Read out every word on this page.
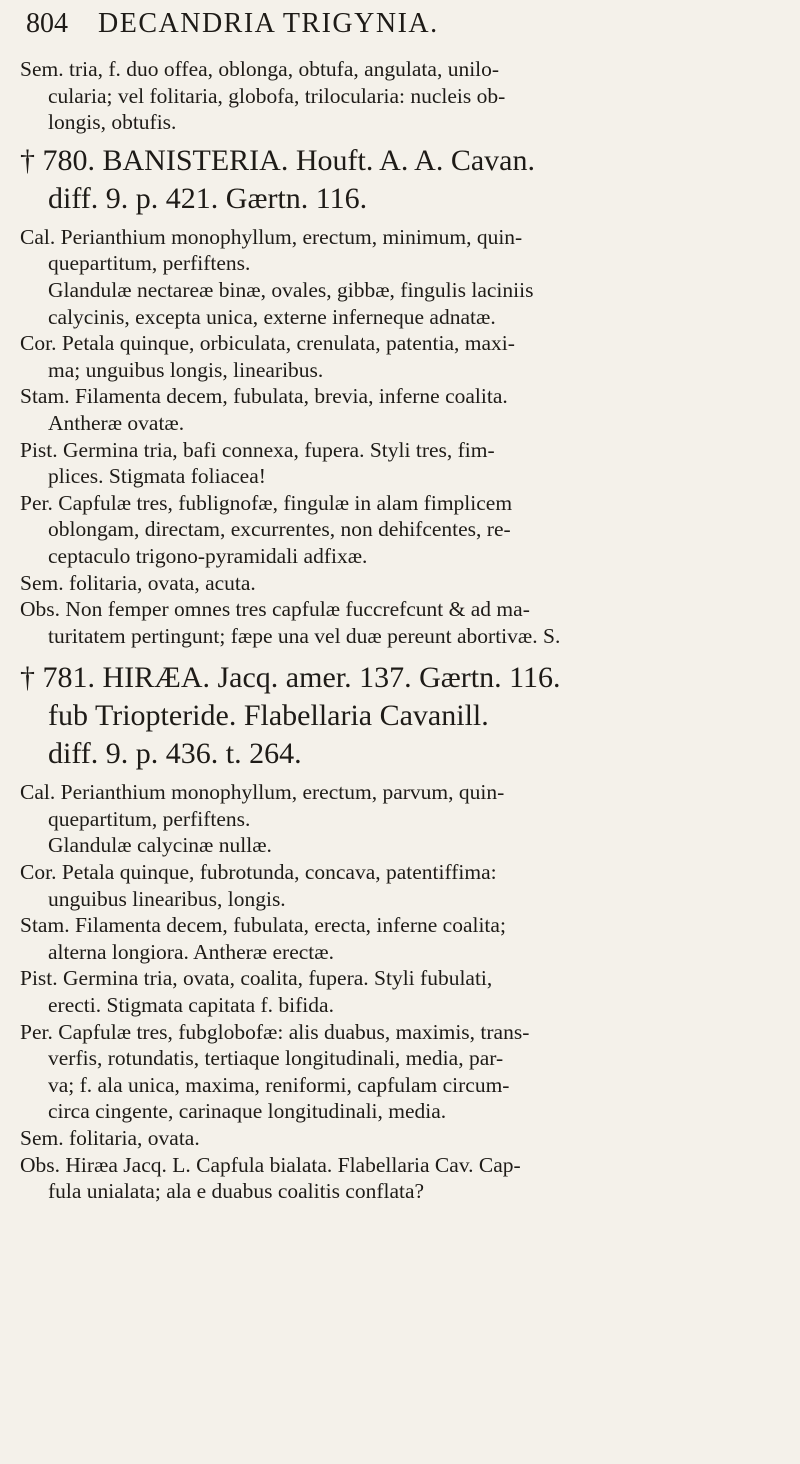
804 DECANDRIA TRIGYNIA.
Sem. tria, f. duo offea, oblonga, obtufa, angulata, unilo-
cularia; vel folitaria, globofa, trilocularia: nucleis ob-
longis, obtufis.
† 780. BANISTERIA. Houft. A. A. Cavan.
diff. 9. p. 421. Gærtn. 116.
Cal. Perianthium monophyllum, erectum, minimum, quin-
quepartitum, perfiftens.
Glandulæ nectareæ binæ, ovales, gibbæ, fingulis laciniis
calycinis, excepta unica, externe inferneque adnatæ.
Cor. Petala quinque, orbiculata, crenulata, patentia, maxi-
ma; unguibus longis, linearibus.
Stam. Filamenta decem, fubulata, brevia, inferne coalita.
Antheræ ovatæ.
Pist. Germina tria, bafi connexa, fupera. Styli tres, fim-
plices. Stigmata foliacea!
Per. Capfulæ tres, fublignofæ, fingulæ in alam fimplicem
oblongam, directam, excurrentes, non dehifcentes, re-
ceptaculo trigono-pyramidali adfixæ.
Sem. folitaria, ovata, acuta.
Obs. Non femper omnes tres capfulæ fuccrefcunt & ad ma-
turitatem pertingunt; fæpe una vel duæ pereunt abortivæ. S.
† 781. HIRÆA. Jacq. amer. 137. Gærtn. 116.
fub Triopteride. Flabellaria Cavanill.
diff. 9. p. 436. t. 264.
Cal. Perianthium monophyllum, erectum, parvum, quin-
quepartitum, perfiftens.
Glandulæ calycinæ nullæ.
Cor. Petala quinque, fubrotunda, concava, patentiffima:
unguibus linearibus, longis.
Stam. Filamenta decem, fubulata, erecta, inferne coalita;
alterna longiora. Antheræ erectæ.
Pist. Germina tria, ovata, coalita, fupera. Styli fubulati,
erecti. Stigmata capitata f. bifida.
Per. Capfulæ tres, fubglobofæ: alis duabus, maximis, trans-
verfis, rotundatis, tertiaque longitudinali, media, par-
va; f. ala unica, maxima, reniformi, capfulam circum-
circa cingente, carinaque longitudinali, media.
Sem. folitaria, ovata.
Obs. Hiræa Jacq. L. Capfula bialata. Flabellaria Cav. Cap-
fula unialata; ala e duabus coalitis conflata?
